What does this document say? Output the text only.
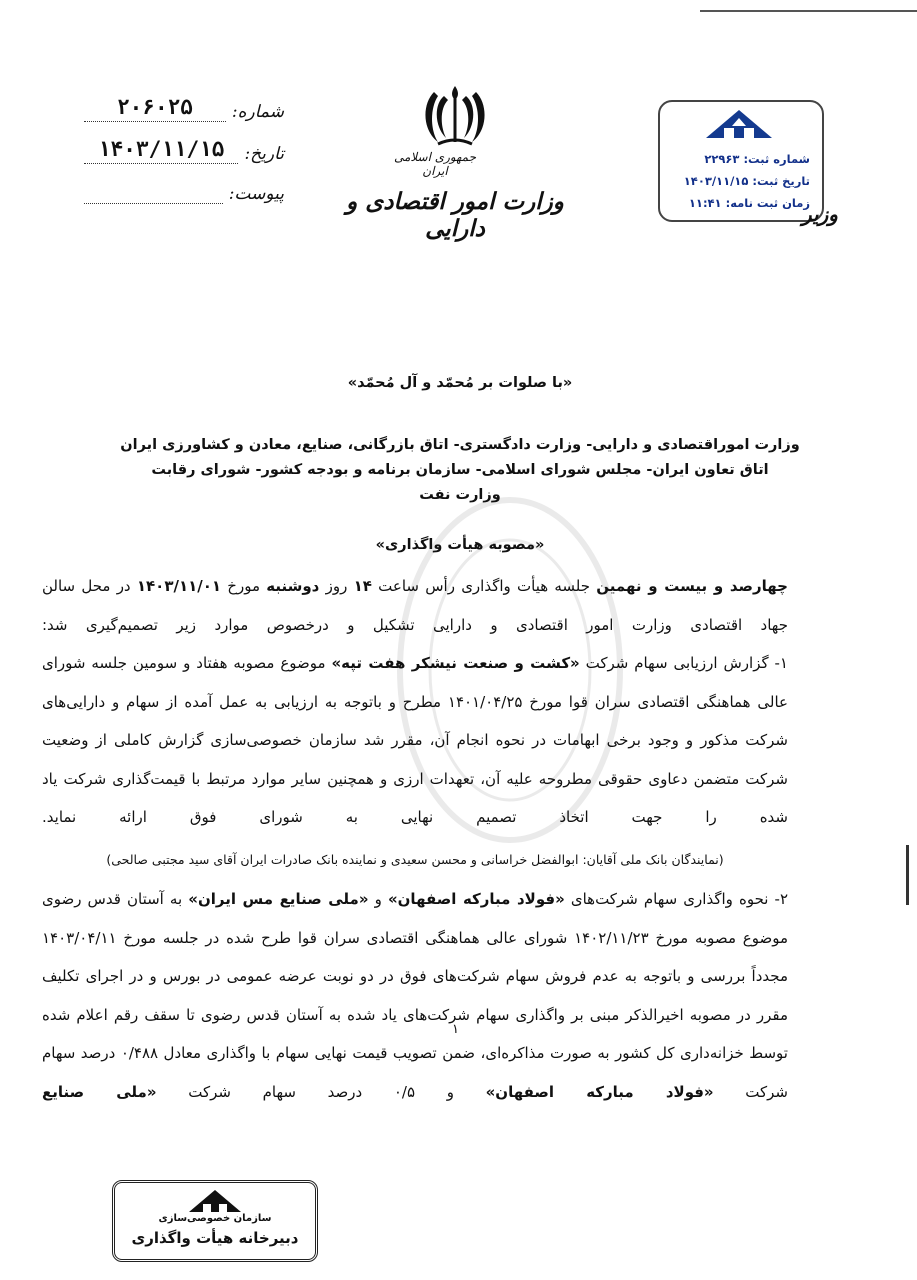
شماره:
۲۰۶۰۲۵
تاریخ:
۱۴۰۳/۱۱/۱۵
پیوست:
جمهوری اسلامی ایران
وزارت امور اقتصادی و دارایی
شماره ثبت: ۲۲۹۶۳
تاریخ ثبت: ۱۴۰۳/۱۱/۱۵
زمان ثبت نامه: ۱۱:۴۱
وزیر
«با صلوات بر مُحمّد و آل مُحمّد»
وزارت اموراقتصادی و دارایی- وزارت دادگستری- اتاق بازرگانی، صنایع، معادن و کشاورزی ایران
اتاق تعاون ایران- مجلس شورای اسلامی- سازمان برنامه و بودجه کشور- شورای رقابت
وزارت نفت
«مصوبه هیأت واگذاری»
چهارصد و بیست و نهمین جلسه هیأت واگذاری رأس ساعت ۱۴ روز دوشنبه مورخ ۱۴۰۳/۱۱/۰۱ در محل سالن جهاد اقتصادی وزارت امور اقتصادی و دارایی تشکیل و درخصوص موارد زیر تصمیم‌گیری شد:
۱- گزارش ارزیابی سهام شرکت «کشت و صنعت نیشکر هفت تپه» موضوع مصوبه هفتاد و سومین جلسه شورای عالی هماهنگی اقتصادی سران قوا مورخ ۱۴۰۱/۰۴/۲۵ مطرح و باتوجه به ارزیابی به عمل آمده از سهام و دارایی‌های شرکت مذکور و وجود برخی ابهامات در نحوه انجام آن، مقرر شد سازمان خصوصی‌سازی گزارش کاملی از وضعیت شرکت متضمن دعاوی حقوقی مطروحه علیه آن، تعهدات ارزی و همچنین سایر موارد مرتبط با قیمت‌گذاری شرکت یاد شده را جهت اتخاذ تصمیم نهایی به شورای فوق ارائه نماید.
(نمایندگان بانک ملی آقایان: ابوالفضل خراسانی و محسن سعیدی و نماینده بانک صادرات ایران آقای سید مجتبی صالحی)
۲- نحوه واگذاری سهام شرکت‌های «فولاد مبارکه اصفهان» و «ملی صنایع مس ایران» به آستان قدس رضوی موضوع مصوبه مورخ ۱۴۰۲/۱۱/۲۳ شورای عالی هماهنگی اقتصادی سران قوا طرح شده در جلسه مورخ ۱۴۰۳/۰۴/۱۱ مجدداً بررسی و باتوجه به عدم فروش سهام شرکت‌های فوق در دو نوبت عرضه عمومی در بورس و در اجرای تکلیف مقرر در مصوبه اخیرالذکر مبنی بر واگذاری سهام شرکت‌های یاد شده به آستان قدس رضوی تا سقف رقم اعلام شده توسط خزانه‌داری کل کشور به صورت مذاکره‌ای، ضمن تصویب قیمت نهایی سهام با واگذاری معادل ۰/۴۸۸ درصد سهام شرکت «فولاد مبارکه اصفهان» و ۰/۵ درصد سهام شرکت «ملی صنایع
۱
سازمان خصوصی‌سازی
دبیرخانه هیأت واگذاری
